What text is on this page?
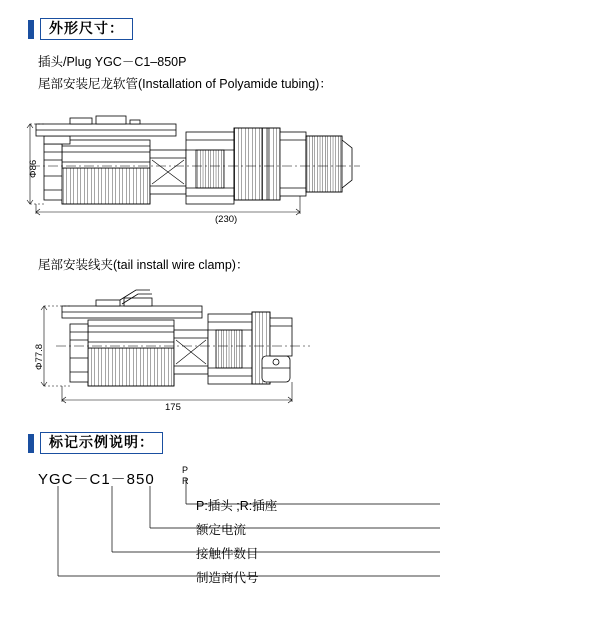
外形尺寸：
插头/Plug YGC－C1–850P
尾部安装尼龙软管(Installation of Polyamide tubing)：
(230)
Φ86
尾部安装线夹(tail install wire clamp)：
175
Φ77.8
标记示例说明：
YGC－C1－850
P
R
P:插头 ;R:插座
额定电流
接触件数目
制造商代号
